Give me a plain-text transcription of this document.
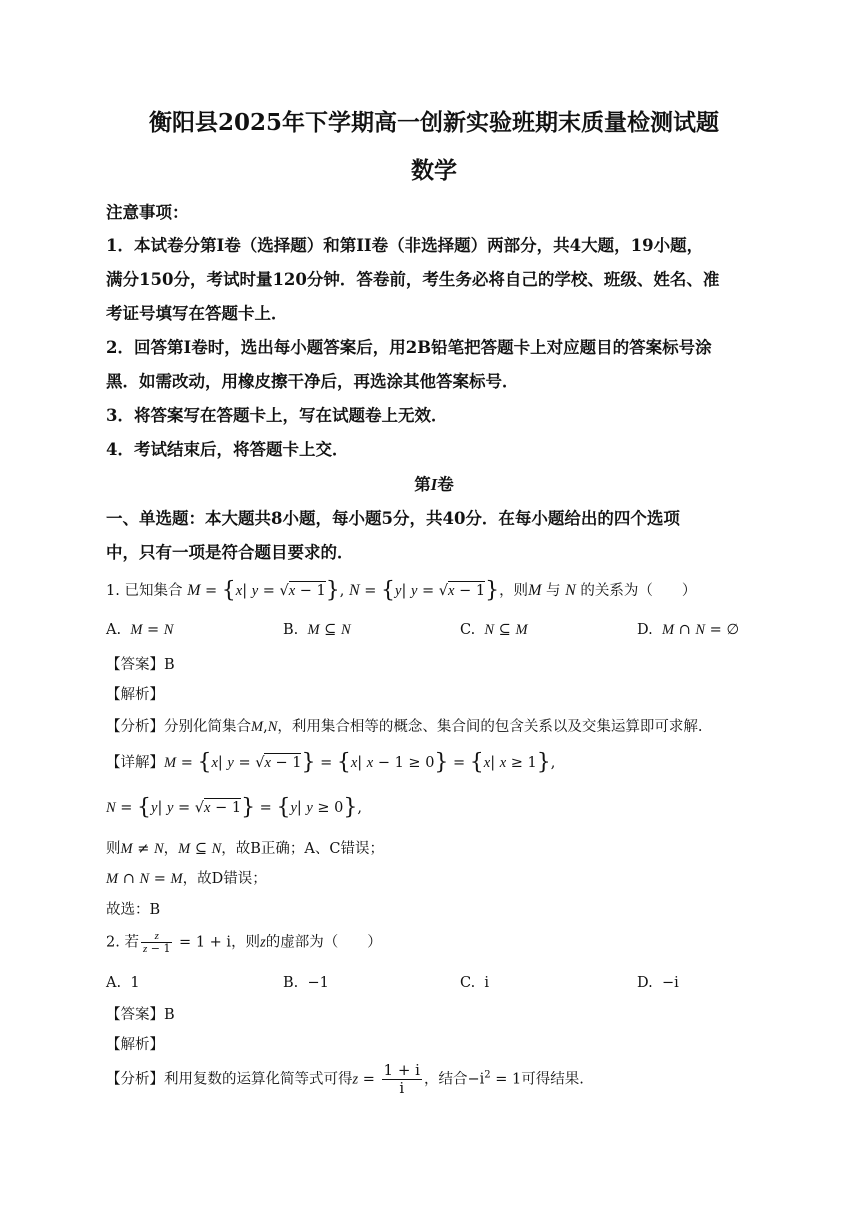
衡阳县2025年下学期高一创新实验班期末质量检测试题
数学
注意事项：
1．本试卷分第I卷（选择题）和第II卷（非选择题）两部分，共4大题，19小题，
满分150分，考试时量120分钟．答卷前，考生务必将自己的学校、班级、姓名、准
考证号填写在答题卡上．
2．回答第I卷时，选出每小题答案后，用2B铅笔把答题卡上对应题目的答案标号涂
黑．如需改动，用橡皮擦干净后，再选涂其他答案标号．
3．将答案写在答题卡上，写在试题卷上无效．
4．考试结束后，将答题卡上交．
第I卷
一、单选题：本大题共8小题，每小题5分，共40分．在每小题给出的四个选项
中，只有一项是符合题目要求的．
1. 已知集合 M = {x| y = √x − 1}, N = {y| y = √x − 1}，则M 与 N 的关系为（　　）
A. M = N	B. M ⊆ N	C. N ⊆ M	D. M ∩ N = ∅
【答案】B
【解析】
【分析】分别化简集合M,N，利用集合相等的概念、集合间的包含关系以及交集运算即可求解.
【详解】M = {x| y = √x − 1} = {x| x − 1 ≥ 0} = {x| x ≥ 1},
N = {y| y = √x − 1} = {y| y ≥ 0},
则M ≠ N，M ⊆ N，故B正确；A、C错误；
M ∩ N = M，故D错误；
故选：B
2. 若 $\frac{z}{z - 1} = 1 + i$，则z的虚部为（　　）
A. 1	B. −1	C. i	D. −i
【答案】B
【解析】
【分析】利用复数的运算化简等式可得$z = \frac{1 + i}{i}$ ，结合$-i^2 = 1$可得结果.
